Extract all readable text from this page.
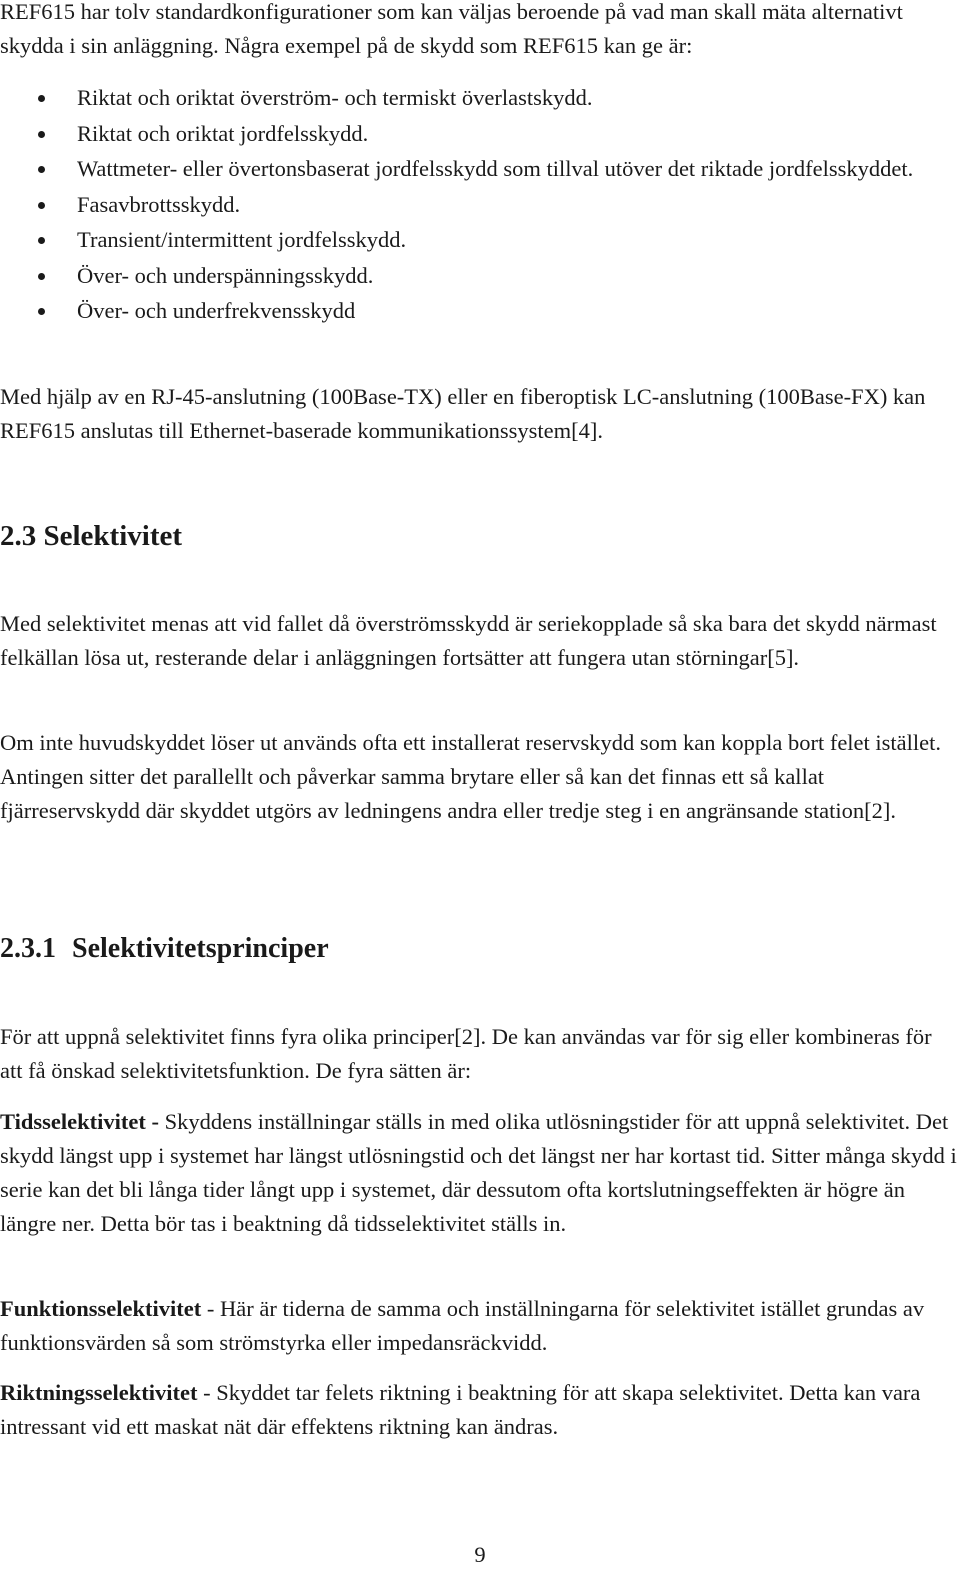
REF615 har tolv standardkonfigurationer som kan väljas beroende på vad man skall mäta alternativt skydda i sin anläggning. Några exempel på de skydd som REF615 kan ge är:

Riktat och oriktat överström- och termiskt överlastskydd.
Riktat och oriktat jordfelsskydd.
Wattmeter- eller övertonsbaserat jordfelsskydd som tillval utöver det riktade jordfelsskyddet.
Fasavbrottsskydd.
Transient/intermittent jordfelsskydd.
Över- och underspänningsskydd.
Över- och underfrekvensskydd

Med hjälp av en RJ-45-anslutning (100Base-TX) eller en fiberoptisk LC-anslutning (100Base-FX) kan REF615 anslutas till Ethernet-baserade kommunikationssystem[4].

2.3 Selektivitet

Med selektivitet menas att vid fallet då överströmsskydd är seriekopplade så ska bara det skydd närmast felkällan lösa ut, resterande delar i anläggningen fortsätter att fungera utan störningar[5].

Om inte huvudskyddet löser ut används ofta ett installerat reservskydd som kan koppla bort felet istället. Antingen sitter det parallellt och påverkar samma brytare eller så kan det finnas ett så kallat fjärreservskydd där skyddet utgörs av ledningens andra eller tredje steg i en angränsande station[2].

2.3.1 Selektivitetsprinciper

För att uppnå selektivitet finns fyra olika principer[2]. De kan användas var för sig eller kombineras för att få önskad selektivitetsfunktion. De fyra sätten är:

Tidsselektivitet - Skyddens inställningar ställs in med olika utlösningstider för att uppnå selektivitet. Det skydd längst upp i systemet har längst utlösningstid och det längst ner har kortast tid. Sitter många skydd i serie kan det bli långa tider långt upp i systemet, där dessutom ofta kortslutningseffekten är högre än längre ner. Detta bör tas i beaktning då tidsselektivitet ställs in.

Funktionsselektivitet - Här är tiderna de samma och inställningarna för selektivitet istället grundas av funktionsvärden så som strömstyrka eller impedansräckvidd.

Riktningsselektivitet - Skyddet tar felets riktning i beaktning för att skapa selektivitet. Detta kan vara intressant vid ett maskat nät där effektens riktning kan ändras.

9
